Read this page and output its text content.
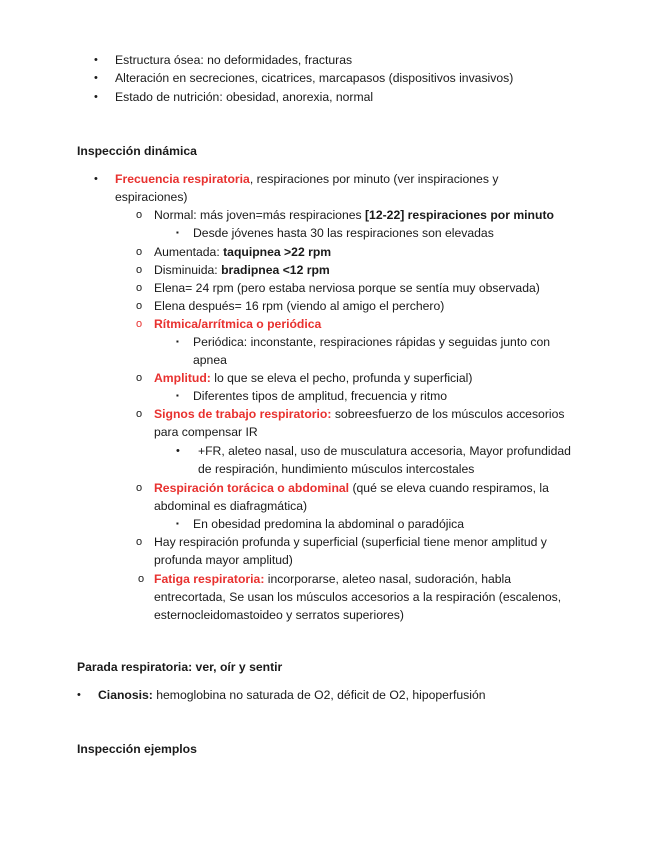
• Estructura ósea: no deformidades, fracturas
• Alteración en secreciones, cicatrices, marcapasos (dispositivos invasivos)
• Estado de nutrición: obesidad, anorexia, normal
Inspección dinámica
• Frecuencia respiratoria, respiraciones por minuto (ver inspiraciones y
espiraciones)
o Normal: más joven=más respiraciones [12-22] respiraciones por minuto
▪ Desde jóvenes hasta 30 las respiraciones son elevadas
o Aumentada: taquipnea >22 rpm
o Disminuida: bradipnea <12 rpm
o Elena= 24 rpm (pero estaba nerviosa porque se sentía muy observada)
o Elena después= 16 rpm (viendo al amigo el perchero)
o Rítmica/arrítmica o periódica
▪ Periódica: inconstante, respiraciones rápidas y seguidas junto con
apnea
o Amplitud: lo que se eleva el pecho, profunda y superficial)
▪ Diferentes tipos de amplitud, frecuencia y ritmo
o Signos de trabajo respiratorio: sobreesfuerzo de los músculos accesorios
para compensar IR
• +FR, aleteo nasal, uso de musculatura accesoria, Mayor profundidad
de respiración, hundimiento músculos intercostales
o Respiración torácica o abdominal (qué se eleva cuando respiramos, la
abdominal es diafragmática)
▪ En obesidad predomina la abdominal o paradójica
o Hay respiración profunda y superficial (superficial tiene menor amplitud y
profunda mayor amplitud)
o Fatiga respiratoria: incorporarse, aleteo nasal, sudoración, habla
entrecortada, Se usan los músculos accesorios a la respiración (escalenos,
esternocleidomastoideo y serratos superiores)
Parada respiratoria: ver, oír y sentir
• Cianosis: hemoglobina no saturada de O2, déficit de O2, hipoperfusión
Inspección ejemplos
